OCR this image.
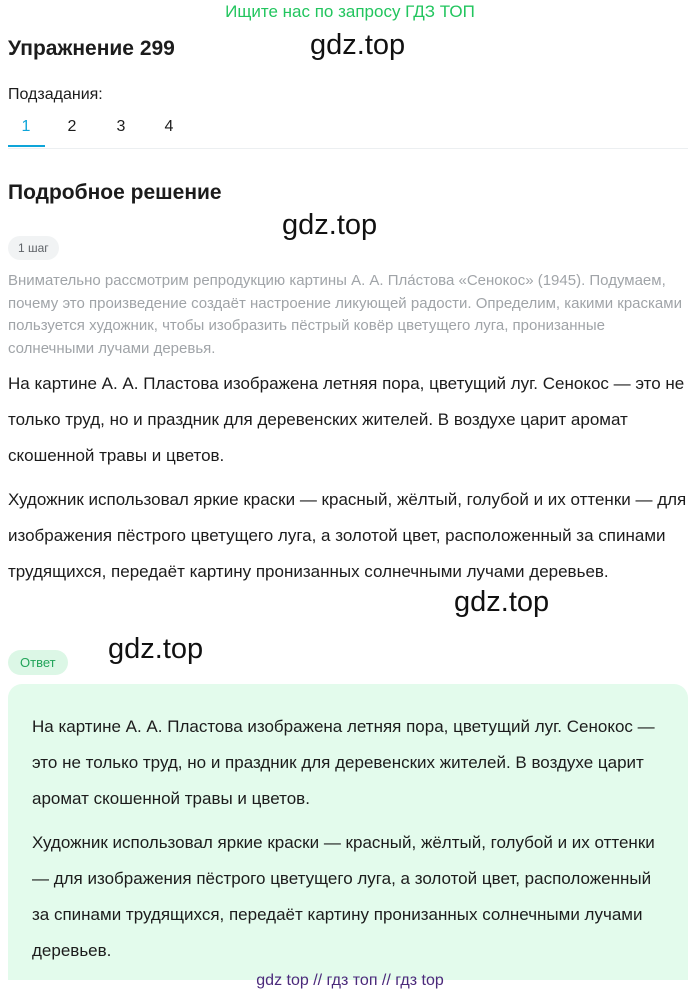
Ищите нас по запросу ГДЗ ТОП
Упражнение 299	gdz.top
gdz.top
gdz.top
gdz.top
Подзадания:
1	2	3	4
Подробное решение
1 шаг
Внимательно рассмотрим репродукцию картины А. А. Пла́стова «Сенокос» (1945). Подумаем, почему это произведение создаёт настроение ликующей радости. Определим, какими красками пользуется художник, чтобы изобразить пёстрый ковёр цветущего луга, пронизанные солнечными лучами деревья.
На картине А. А. Пластова изображена летняя пора, цветущий луг. Сенокос — это не только труд, но и праздник для деревенских жителей. В воздухе царит аромат скошенной травы и цветов.
Художник использовал яркие краски — красный, жёлтый, голубой и их оттенки — для изображения пёстрого цветущего луга, а золотой цвет, расположенный за спинами трудящихся, передаёт картину пронизанных солнечными лучами деревьев.
Ответ
На картине А. А. Пластова изображена летняя пора, цветущий луг. Сенокос — это не только труд, но и праздник для деревенских жителей. В воздухе царит аромат скошенной травы и цветов.
Художник использовал яркие краски — красный, жёлтый, голубой и их оттенки — для изображения пёстрого цветущего луга, а золотой цвет, расположенный за спинами трудящихся, передаёт картину пронизанных солнечными лучами деревьев.
gdz top // гдз топ // гдз top
